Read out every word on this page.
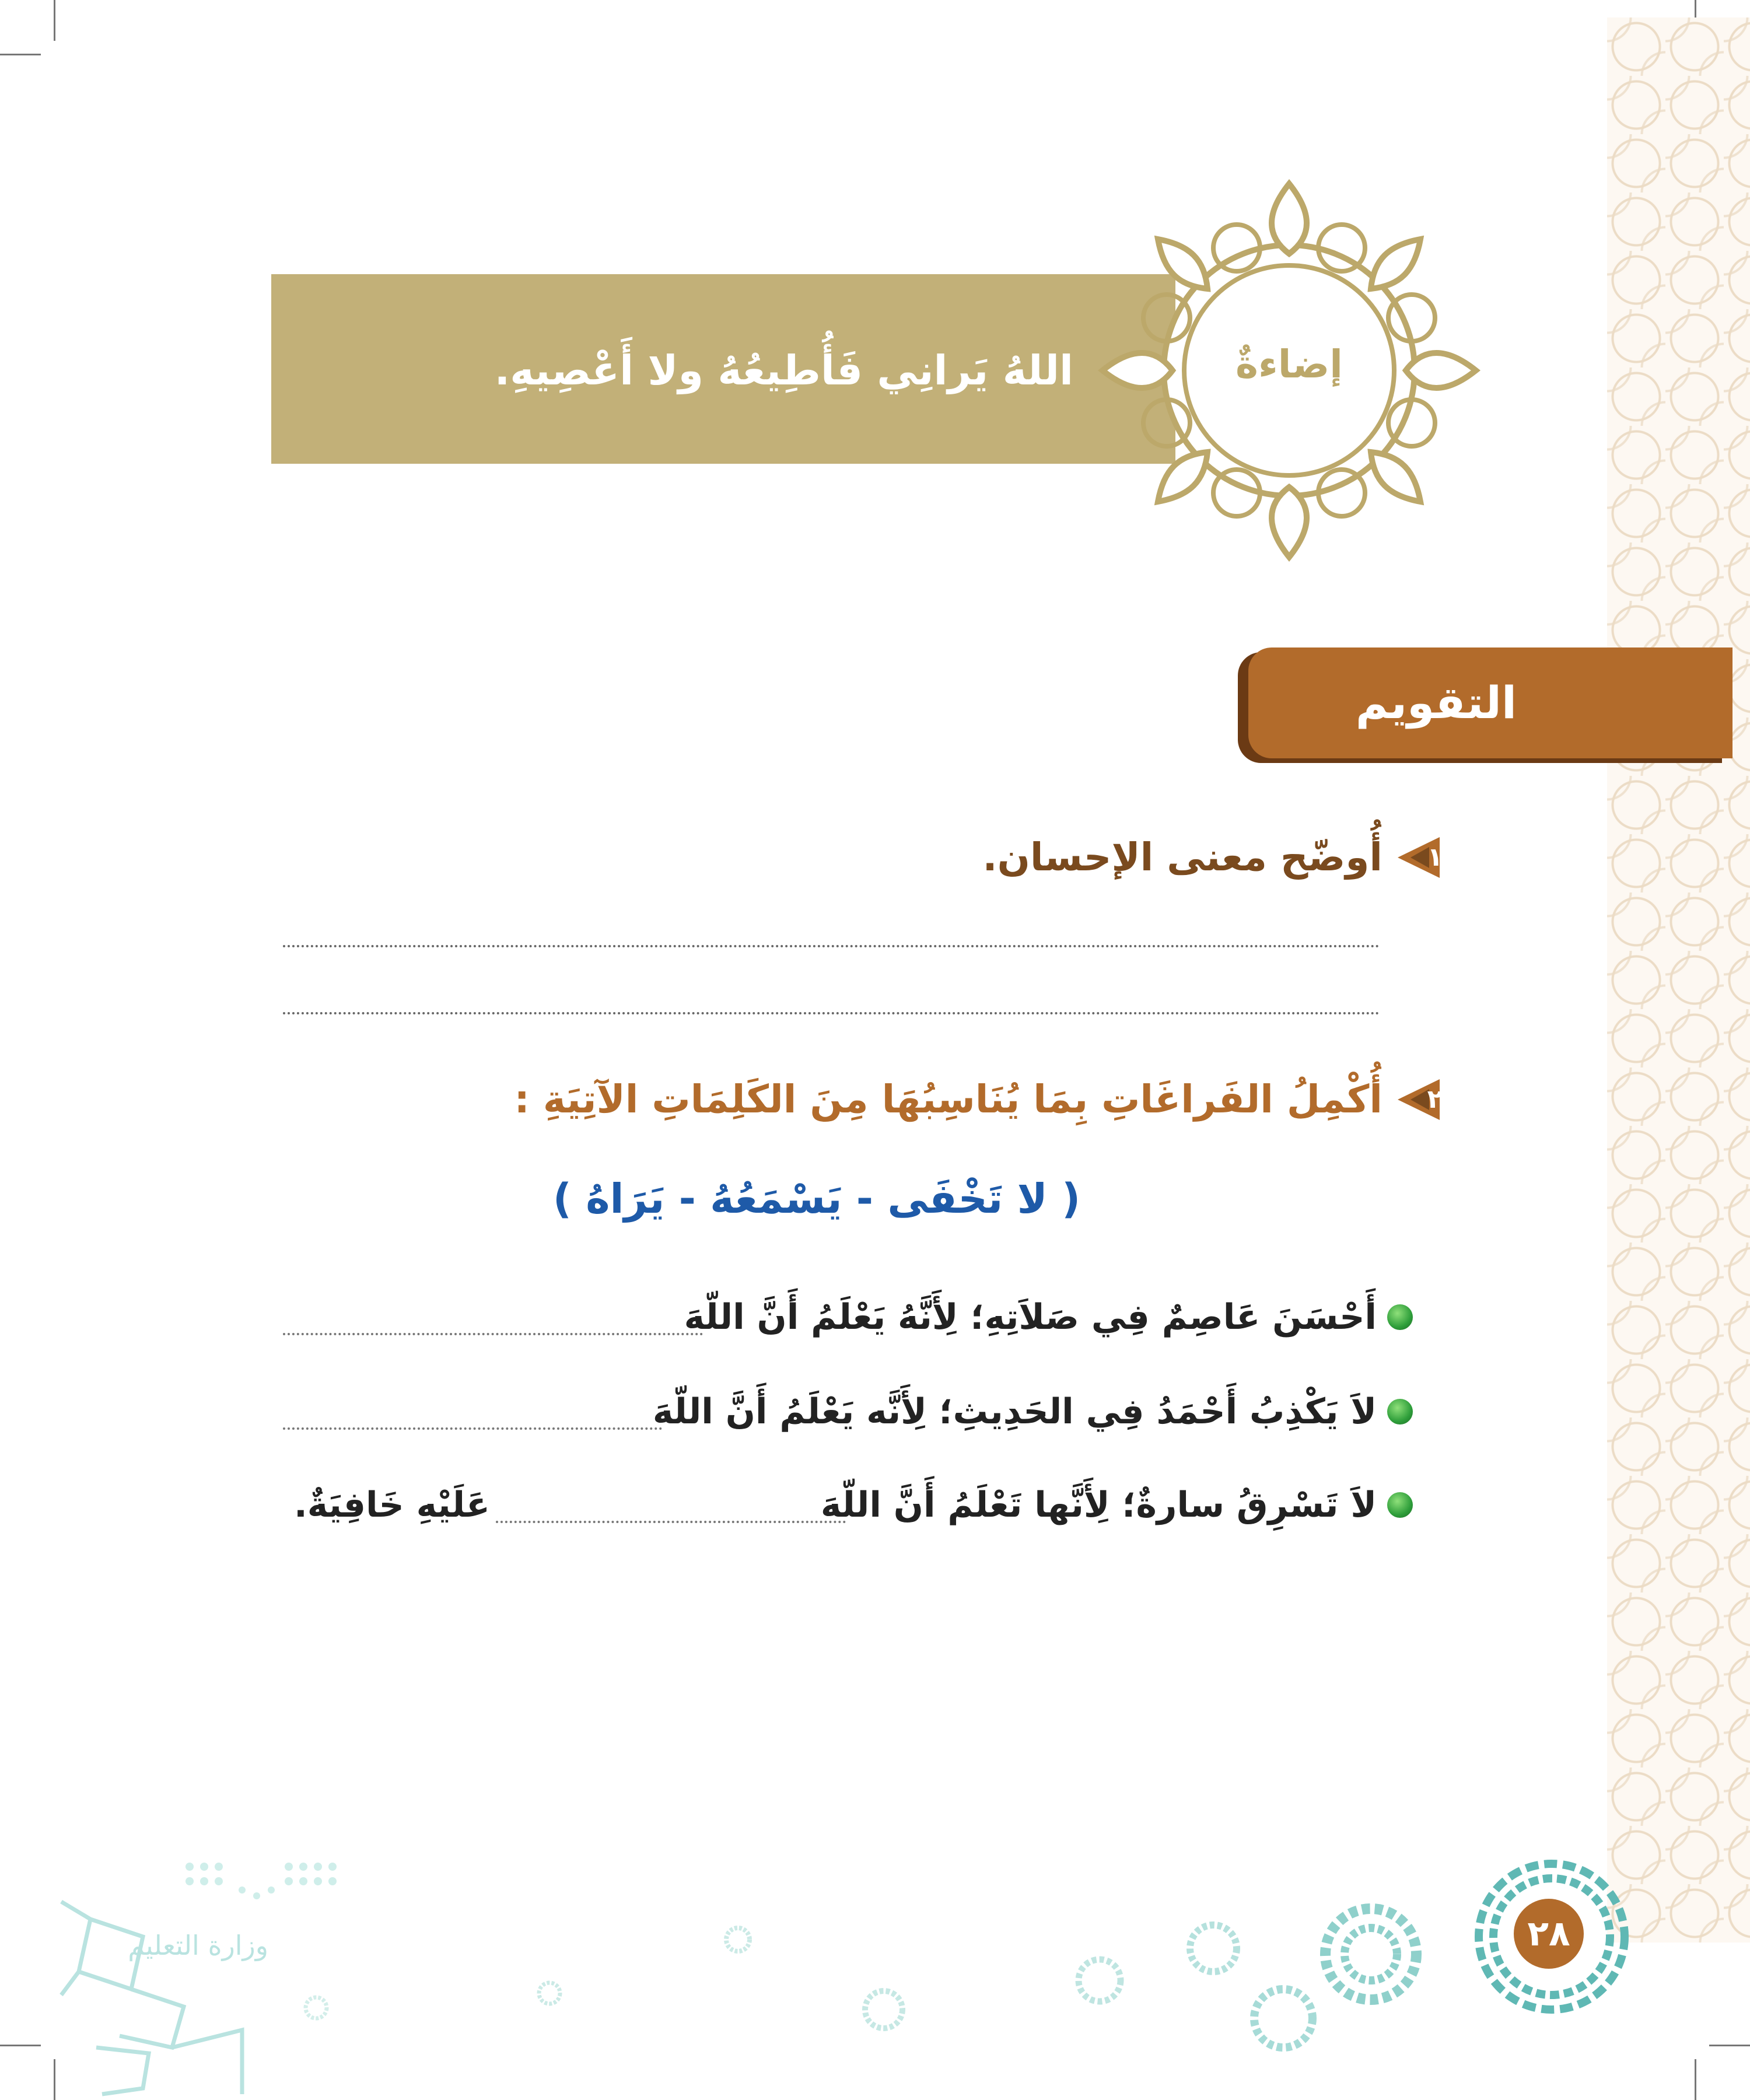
اللهُ يَرانِي فَأُطِيعُهُ ولا أَعْصِيهِ.	إضاءةٌ
التقويم
١
أُوضّح معنى الإحسان.
٢
أُكْمِلُ الفَراغَاتِ بِمَا يُنَاسِبُهَا مِنَ الكَلِمَاتِ الآتِيَةِ :
( لا تَخْفَى - يَسْمَعُهُ - يَرَاهُ )
أَحْسَنَ عَاصِمٌ فِي صَلاَتِهِ؛ لِأَنَّهُ يَعْلَمُ أَنَّ اللّهَ
لاَ يَكْذِبُ أَحْمَدُ فِي الحَدِيثِ؛ لِأَنَّه يَعْلَمُ أَنَّ اللّهَ
لاَ تَسْرِقُ سارةٌ؛ لِأَنَّها تَعْلَمُ أَنَّ اللّهَ
عَلَيْهِ خَافِيَةٌ.
٢٨
وزارة التعليم
